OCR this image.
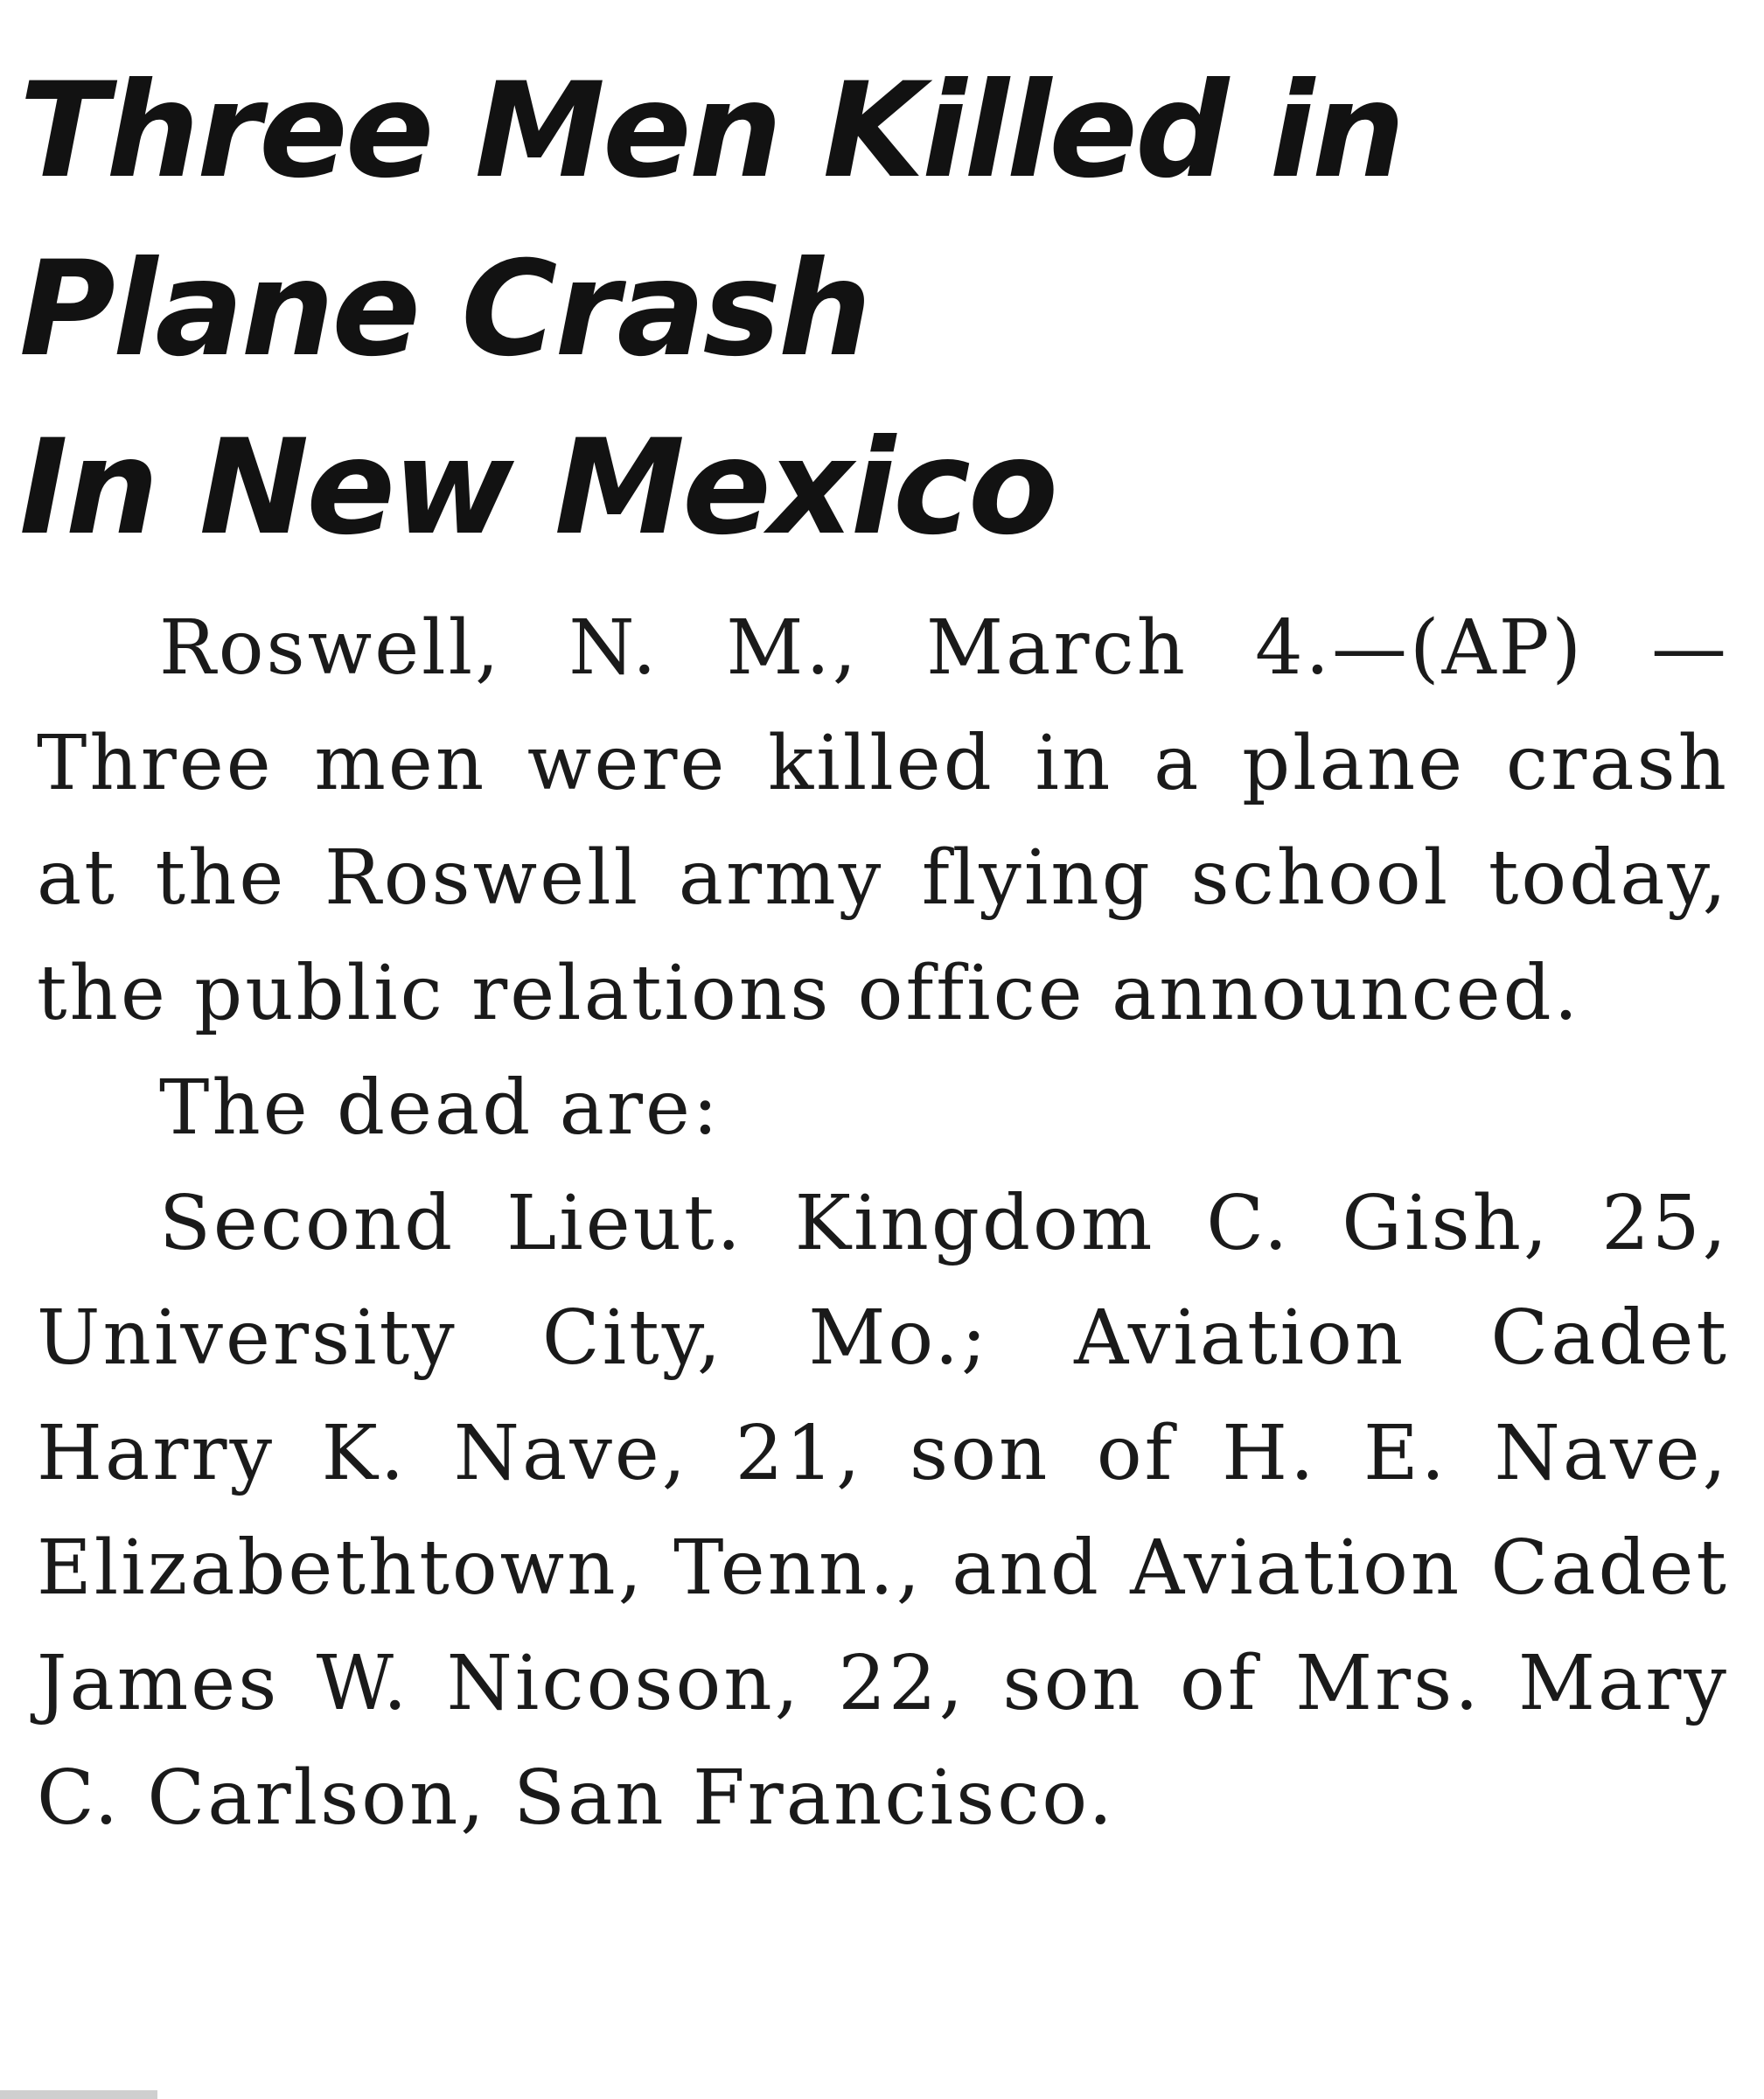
Three Men Killed in
Plane Crash
In New Mexico

Roswell, N. M., March 4.—(AP) —Three men were killed in a plane crash at the Roswell army flying school today, the public relations office announced.

The dead are:

Second Lieut. Kingdom C. Gish, 25, University City, Mo.; Aviation Cadet Harry K. Nave, 21, son of H. E. Nave, Elizabethtown, Tenn., and Aviation Cadet James W. Nicoson, 22, son of Mrs. Mary C. Carlson, San Francisco.
